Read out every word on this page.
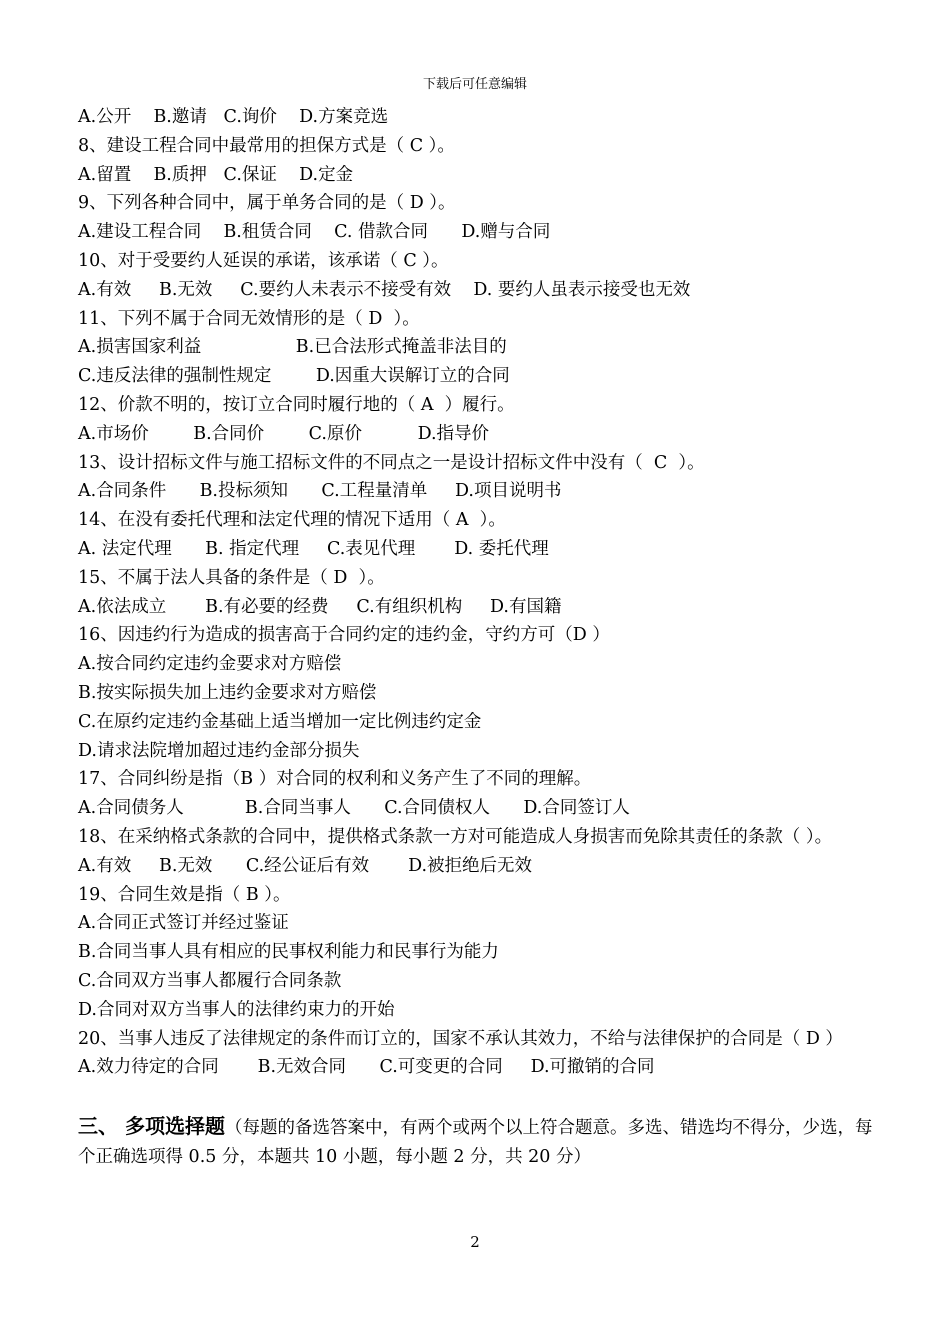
下载后可任意编辑
A.公开    B.邀请   C.询价    D.方案竞选
8、建设工程合同中最常用的担保方式是（ C ）。
A.留置    B.质押   C.保证    D.定金
9、下列各种合同中，属于单务合同的是（ D ）。
A.建设工程合同    B.租赁合同    C. 借款合同      D.赠与合同
10、对于受要约人延误的承诺，该承诺（ C ）。
A.有效     B.无效     C.要约人未表示不接受有效    D. 要约人虽表示接受也无效
11、下列不属于合同无效情形的是（ D  ）。
A.损害国家利益                 B.已合法形式掩盖非法目的
C.违反法律的强制性规定        D.因重大误解订立的合同
12、价款不明的，按订立合同时履行地的（ A  ）履行。
A.市场价        B.合同价        C.原价          D.指导价
13、设计招标文件与施工招标文件的不同点之一是设计招标文件中没有（  C  ）。
A.合同条件      B.投标须知      C.工程量清单     D.项目说明书
14、在没有委托代理和法定代理的情况下适用（ A  ）。
A. 法定代理      B. 指定代理     C.表见代理       D. 委托代理
15、不属于法人具备的条件是（ D  ）。
A.依法成立       B.有必要的经费     C.有组织机构     D.有国籍
16、因违约行为造成的损害高于合同约定的违约金，守约方可（D ）
A.按合同约定违约金要求对方赔偿
B.按实际损失加上违约金要求对方赔偿
C.在原约定违约金基础上适当增加一定比例违约定金
D.请求法院增加超过违约金部分损失
17、合同纠纷是指（B ）对合同的权利和义务产生了不同的理解。
A.合同债务人           B.合同当事人      C.合同债权人      D.合同签订人
18、在采纳格式条款的合同中，提供格式条款一方对可能造成人身损害而免除其责任的条款（ ）。
A.有效     B.无效      C.经公证后有效       D.被拒绝后无效
19、合同生效是指（ B ）。
A.合同正式签订并经过鉴证
B.合同当事人具有相应的民事权利能力和民事行为能力
C.合同双方当事人都履行合同条款
D.合同对双方当事人的法律约束力的开始
20、当事人违反了法律规定的条件而订立的，国家不承认其效力，不给与法律保护的合同是（ D ）
A.效力待定的合同       B.无效合同      C.可变更的合同     D.可撤销的合同
三、 多项选择题（每题的备选答案中，有两个或两个以上符合题意。多选、错选均不得分，少选，每个正确选项得 0.5 分，本题共 10 小题，每小题 2 分，共 20 分）
2
